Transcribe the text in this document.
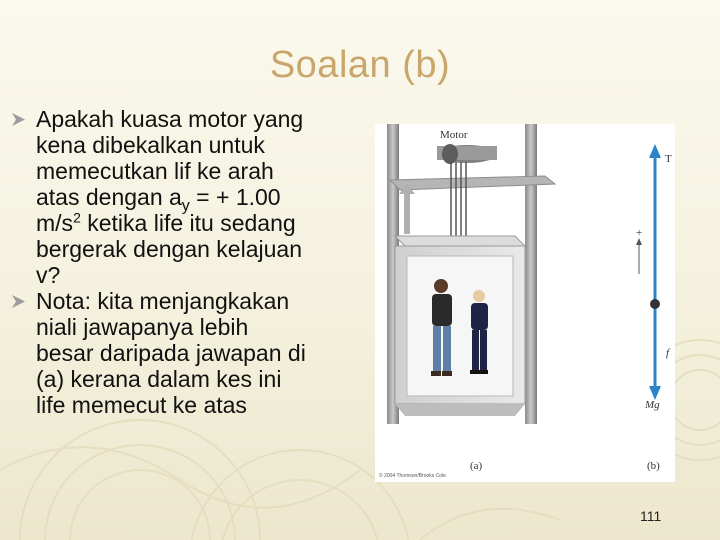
Soalan (b)
Apakah kuasa motor yang
kena dibekalkan untuk
memecutkan lif ke arah
atas dengan $a_y$ = + 1.00
$m/s^2$ ketika life itu sedang
bergerak dengan kelajuan
v?
Nota: kita menjangkakan
niali jawapanya lebih
besar daripada jawapan di
(a) kerana dalam kes ini
life memecut ke atas
Motor
+
T
f
Mg
(a)	(b)
© 2004 Thomson/Brooks Cole
111
